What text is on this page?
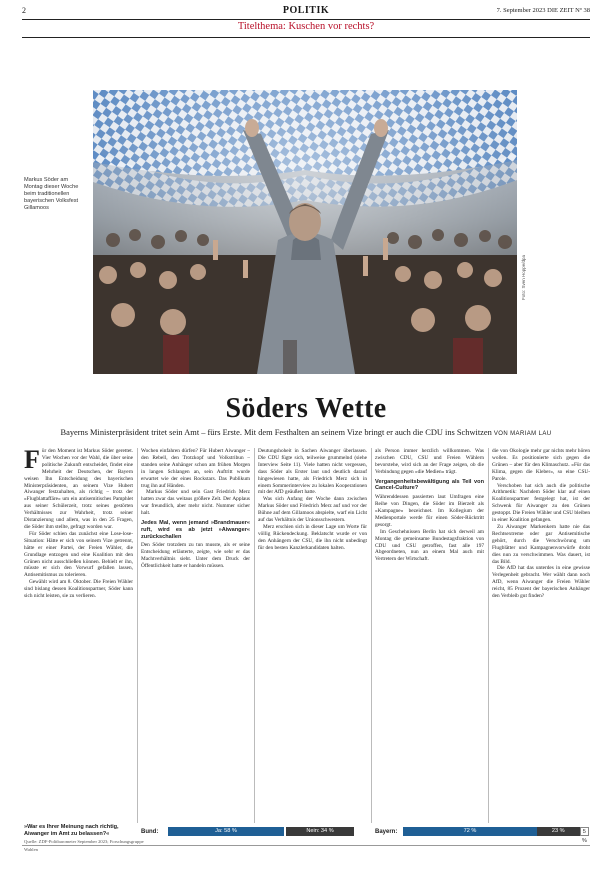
2	POLITIK	7. September 2023 DIE ZEIT Nº 38
Titelthema: Kuschen vor rechts?
Markus Söder am Montag dieser Woche beim traditionellen bayerischen Volksfest Gillamoos
Foto: Sven Hoppe/dpa
Söders Wette
Bayerns Ministerpräsident tritet sein Amt – fürs Erste. Mit dem Festhalten an seinem Vize bringt er auch die CDU ins Schwitzen VON MARIAM LAU

Für den Moment ist Markus Söder gerettet. Vier Wochen vor der Wahl, die über seine politische Zukunft entscheidet, findet eine Mehrheit der Deutschen, der Bayern weisen Ihn Entscheidung des bayerischen Ministerpräsidenten, an seinem Vize Hubert Aiwanger festzuhalten, als richtig – trotz der »Flugblattaffäre« um ein antisemitisches Pamphlet aus seiner Schülerzeit, trotz seines gestörten Verhältnisses zur Wahrheit, trotz seiner Distanzierung und allem, was in den 25 Fragen, die Söder ihm stellte, gefragt worden war.

Für Söder schien das zunächst eine Lose-lose-Situation: Hätte er sich von seinem Vize getrennt, hätte er einer Partei, der Freien Wähler, die Grundlage entzogen und eine Koalition mit den Grünen nicht ausschließen können. Behielt er ihn, müsste er sich den Vorwurf gefallen lassen, Antisemitismus zu tolerieren.

Gewählt wird am 8. Oktober. Die Freien Wähler sind bislang dessen Koalitionspartner, Söder kann sich nicht leisten, sie zu verlieren.

Wochen einfahren dürfen? Für Hubert Aiwanger – den Rebell, den Trotzkopf und Volkstribun – standen seine Anhänger schon am frühen Morgen in langen Schlangen an, sein Auftritt wurde erwartet wie der eines Rockstars. Das Publikum trug ihn auf Händen.

Markus Söder und sein Gast Friedrich Merz hatten zwar das weitaus größere Zelt. Der Applaus war freundlich, aber mehr nicht. Nummer sicher halt.

Jedes Mal, wenn jemand »Brandmauer« ruft, wird es ab jetzt »Aiwanger« zurückschallen

Den Söder trotzdem zu tun musste, als er seine Entscheidung erläuterte, zeigte, wie sehr er das Machtverhältnis sieht. Unter dem Druck der Öffentlichkeit hatte er handeln müssen.

Deutungshoheit in Sachen Aiwanger überlassen. Die CDU fügte sich, teilweise grummelnd (siehe Interview Seite 11). Viele hatten nicht vergessen, dass Söder als Erster laut und deutlich darauf hingewiesen hatte, als Friedrich Merz sich in einem Sommerinterview zu lokalen Kooperationen mit der AfD geäußert hatte.

Was sich Anfang der Woche dann zwischen Markus Söder und Friedrich Merz auf und vor der Bühne auf dem Gillamoos abspielte, warf ein Licht auf das Verhältnis der Unionsschwestern.

Merz erschien sich in dieser Lage um Worte für völlig Rückendeckung. Beklatscht wurde er von den Anhängern der CSU, die ihn nicht unbedingt für den besten Kanzlerkandidaten halten.

als Person immer herzlich willkommen. Was zwischen CDU, CSU und Freien Wählern bevorstehe, wird sich an der Frage zeigen, ob die Verbindung gegen »die Medien« trägt.

Vergangenheitsbewältigung als Teil von Cancel-Culture?

Währenddessen passierten laut Umfragen eine Reihe von Dingen, die Söder im Bierzelt als »Kampagne« bezeichnet. Im Kollegium der Medienportale werde für einen Söder-Rücktritt gesorgt.

Im Geschehnissen Berlin hat sich derweil am Montag die gemeinsame Bundestagsfraktion von CDU und CSU getroffen, fast alle 197 Abgeordneten, nun an einem Mal auch mit Vertretern der Wirtschaft.

die von Ökologie mehr gar nichts mehr hören wollen. Es positionierte sich gegen die Grünen – aber für den Klimaschutz. »Für das Klima, gegen die Kleber«, so eine CSU-Parole.

Verschoben hat sich auch die politische Arithmetik: Nachdem Söder klar auf einen Koalitionspartner festgelegt hat, ist der Schwenk für Aiwanger zu den Grünen gestoppt. Die Freien Wähler und CSU bleiben in einer Koalition gefangen.

Zu Aiwanger Markenkern hatte nie das Rechtsextreme oder gar Antisemitische gehört, durch die Verschwörung um Flugblätter und Kampagnenvorwürfe droht dies nun zu verschwimmen. Was dauert, ist das Bild.

Die AfD hat das unterdes in eine gewisse Verlegenheit gebracht. Wer wählt dann noch AfD, wenn Aiwanger die Freien Wähler reicht, 85 Prozent der bayerischen Anhänger den Verbleib gut finden?

»War es Ihrer Meinung nach richtig, Aiwanger im Amt zu belassen?«
Quelle: ZDF-Politbarometer September 2023; Forschungsgruppe Wahlen
Bund:	Ja: 58 %	Nein: 34 %	Bayern:	72 %	23 %	5 %
